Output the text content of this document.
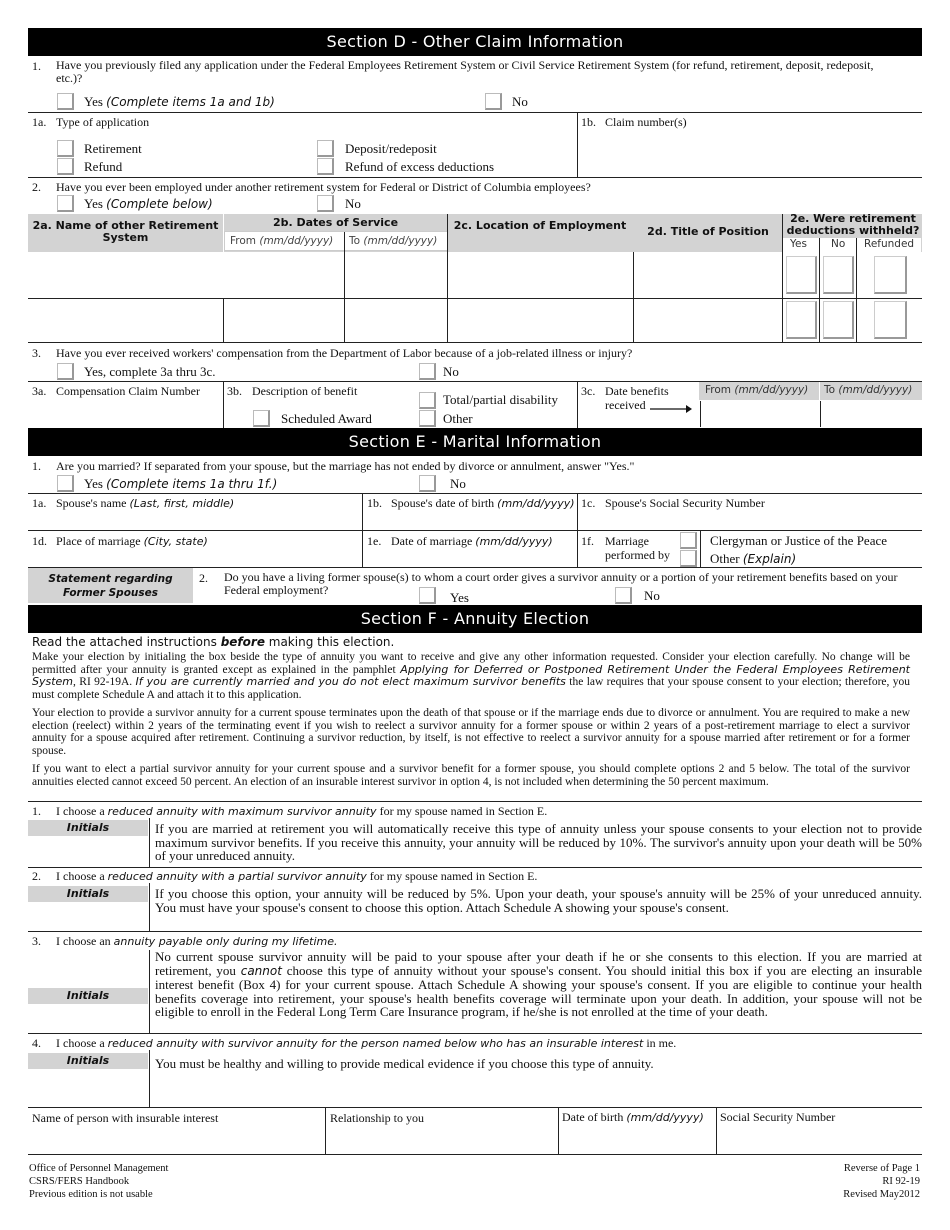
Section D - Other Claim Information
1. Have you previously filed any application under the Federal Employees Retirement System or Civil Service Retirement System (for refund, retirement, deposit, redeposit, etc.)?
Yes (Complete items 1a and 1b)	No
1a. Type of application
Retirement
Refund
Deposit/redeposit
Refund of excess deductions
1b. Claim number(s)
2. Have you ever been employed under another retirement system for Federal or District of Columbia employees?
Yes (Complete below)	No
2a. Name of other Retirement System
2b. Dates of Service
From (mm/dd/yyyy) To (mm/dd/yyyy)
2c. Location of Employment	2d. Title of Position
2e. Were retirement deductions withheld?
Yes No Refunded
3. Have you ever received workers' compensation from the Department of Labor because of a job-related illness or injury?
Yes, complete 3a thru 3c.	No
3a. Compensation Claim Number 3b. Description of benefit
Scheduled Award
Total/partial disability
Other
3c. Date benefits
received
From (mm/dd/yyyy) To (mm/dd/yyyy)
Section E - Marital Information
1. Are you married? If separated from your spouse, but the marriage has not ended by divorce or annulment, answer "Yes."
Yes (Complete items 1a thru 1f.)	No
1a. Spouse's name (Last, first, middle)	1b. Spouse's date of birth (mm/dd/yyyy) 1c. Spouse's Social Security Number
1d. Place of marriage (City, state)	1e. Date of marriage (mm/dd/yyyy) 1f. Marriage
performed by
Clergyman or Justice of the Peace
Other (Explain)
Statement regarding
Former Spouses
2. Do you have a living former spouse(s) to whom a court order gives a survivor annuity or a portion of your retirement benefits based on your Federal employment?	Yes	No
Section F - Annuity Election
Read the attached instructions before making this election.
Make your election by initialing the box beside the type of annuity you want to receive and give any other information requested. Consider your election carefully. No change will be permitted after your annuity is granted except as explained in the pamphlet Applying for Deferred or Postponed Retirement Under the Federal Employees Retirement System, RI 92-19A. If you are currently married and you do not elect maximum survivor benefits the law requires that your spouse consent to your election; therefore, you must complete Schedule A and attach it to this application.
Your election to provide a survivor annuity for a current spouse terminates upon the death of that spouse or if the marriage ends due to divorce or annulment. You are required to make a new election (reelect) within 2 years of the terminating event if you wish to reelect a survivor annuity for a former spouse or within 2 years of a post-retirement marriage to elect a survivor annuity for a spouse acquired after retirement. Continuing a survivor reduction, by itself, is not effective to reelect a survivor annuity for a spouse married after retirement or for a former spouse.
If you want to elect a partial survivor annuity for your current spouse and a survivor benefit for a former spouse, you should complete options 2 and 5 below. The total of the survivor annuities elected cannot exceed 50 percent. An election of an insurable interest survivor in option 4, is not included when determining the 50 percent maximum.
1. I choose a reduced annuity with maximum survivor annuity for my spouse named in Section E.
Initials	If you are married at retirement you will automatically receive this type of annuity unless your spouse consents to your election not to provide maximum survivor benefits. If you receive this annuity, your annuity will be reduced by 10%. The survivor's annuity upon your death will be 50% of your unreduced annuity.
2. I choose a reduced annuity with a partial survivor annuity for my spouse named in Section E.
Initials	If you choose this option, your annuity will be reduced by 5%. Upon your death, your spouse's annuity will be 25% of your unreduced annuity. You must have your spouse's consent to choose this option. Attach Schedule A showing your spouse's consent.
3. I choose an annuity payable only during my lifetime.
Initials
No current spouse survivor annuity will be paid to your spouse after your death if he or she consents to this election. If you are married at retirement, you cannot choose this type of annuity without your spouse's consent. You should initial this box if you are electing an insurable interest benefit (Box 4) for your current spouse. Attach Schedule A showing your spouse's consent. If you are eligible to continue your health benefits coverage into retirement, your spouse's health benefits coverage will terminate upon your death. In addition, your spouse will not be eligible to enroll in the Federal Long Term Care Insurance program, if he/she is not enrolled at the time of your death.
4. I choose a reduced annuity with survivor annuity for the person named below who has an insurable interest in me.
Initials	You must be healthy and willing to provide medical evidence if you choose this type of annuity.
Name of person with insurable interest	Relationship to you	Date of birth (mm/dd/yyyy) Social Security Number
Office of Personnel Management
CSRS/FERS Handbook
Previous edition is not usable
Reverse of Page 1
RI 92-19
Revised May2012
